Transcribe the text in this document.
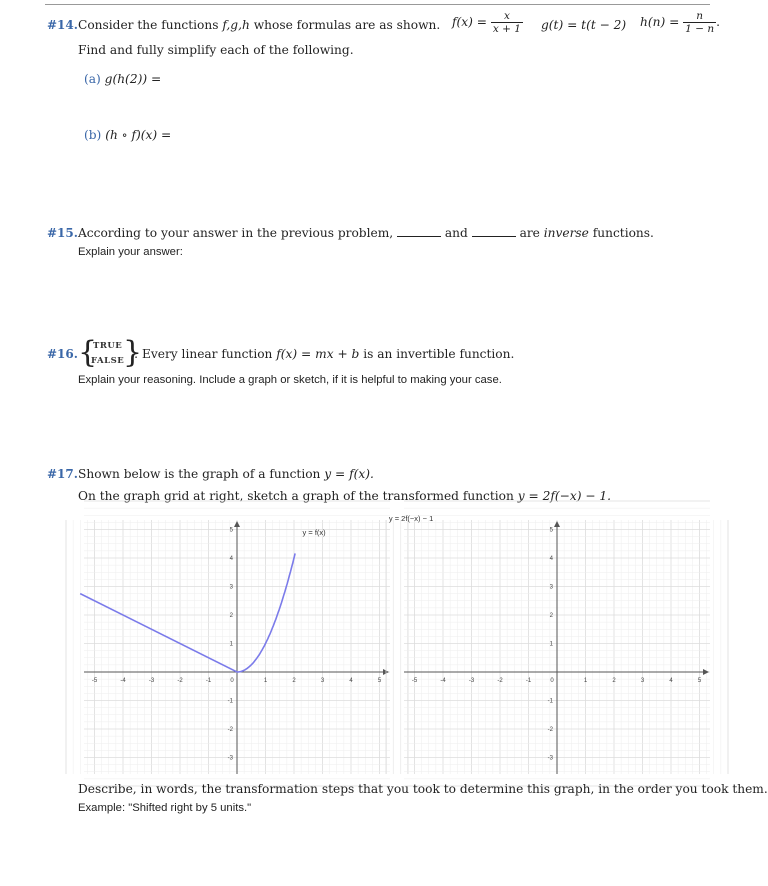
#14. Consider the functions f,g,h whose formulas are as shown. $f(x) = \frac{x}{x + 1} g(t) = t(t - 2) h(n) = \frac{n}{1 - n}$ .
Find and fully simplify each of the following.
(a) g(h(2)) =
(b) (h ∘ f)(x) =
#15. According to your answer in the previous problem,	and	are inverse functions.
Explain your answer:
#16. {
TRUE
FALSE
}
: Every linear function f(x) = mx + b is an invertible function.
Explain your reasoning. Include a graph or sketch, if it is helpful to making your case.
#17. Shown below is the graph of a function y = f(x).
On the graph grid at right, sketch a graph of the transformed function y = 2f(−x) − 1.
-5	-4	-3	-2	-1	0	1	2	3	4	5
5
4
3
2
1
-1
-2
-3
y = f(x)
-5	-4	-3	-2	-1	0	1	2	3	4	5
5
4
3
2
1
-1
-2
-3
y = 2f(−x) − 1
Describe, in words, the transformation steps that you took to determine this graph, in the order you took them.
Example: "Shifted right by 5 units."
